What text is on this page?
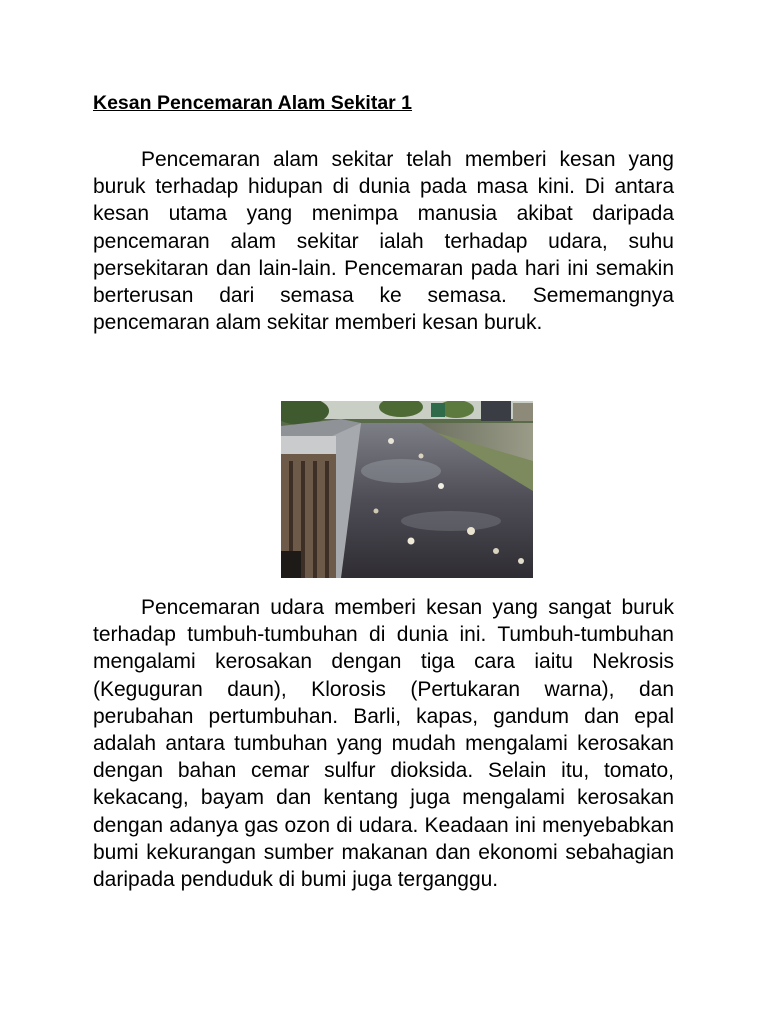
Kesan Pencemaran Alam Sekitar 1

Pencemaran alam sekitar telah memberi kesan yang buruk terhadap hidupan di dunia pada masa kini. Di antara kesan utama yang menimpa manusia akibat daripada pencemaran alam sekitar ialah terhadap udara, suhu persekitaran dan lain-lain. Pencemaran pada hari ini semakin berterusan dari semasa ke semasa. Sememangnya pencemaran alam sekitar memberi kesan buruk.

Pencemaran udara memberi kesan yang sangat buruk terhadap tumbuh-tumbuhan di dunia ini. Tumbuh-tumbuhan mengalami kerosakan dengan tiga cara iaitu Nekrosis (Keguguran daun), Klorosis (Pertukaran warna), dan perubahan pertumbuhan. Barli, kapas, gandum dan epal adalah antara tumbuhan yang mudah mengalami kerosakan dengan bahan cemar sulfur dioksida. Selain itu, tomato, kekacang, bayam dan kentang juga mengalami kerosakan dengan adanya gas ozon di udara. Keadaan ini menyebabkan bumi kekurangan sumber makanan dan ekonomi sebahagian daripada penduduk di bumi juga terganggu.
